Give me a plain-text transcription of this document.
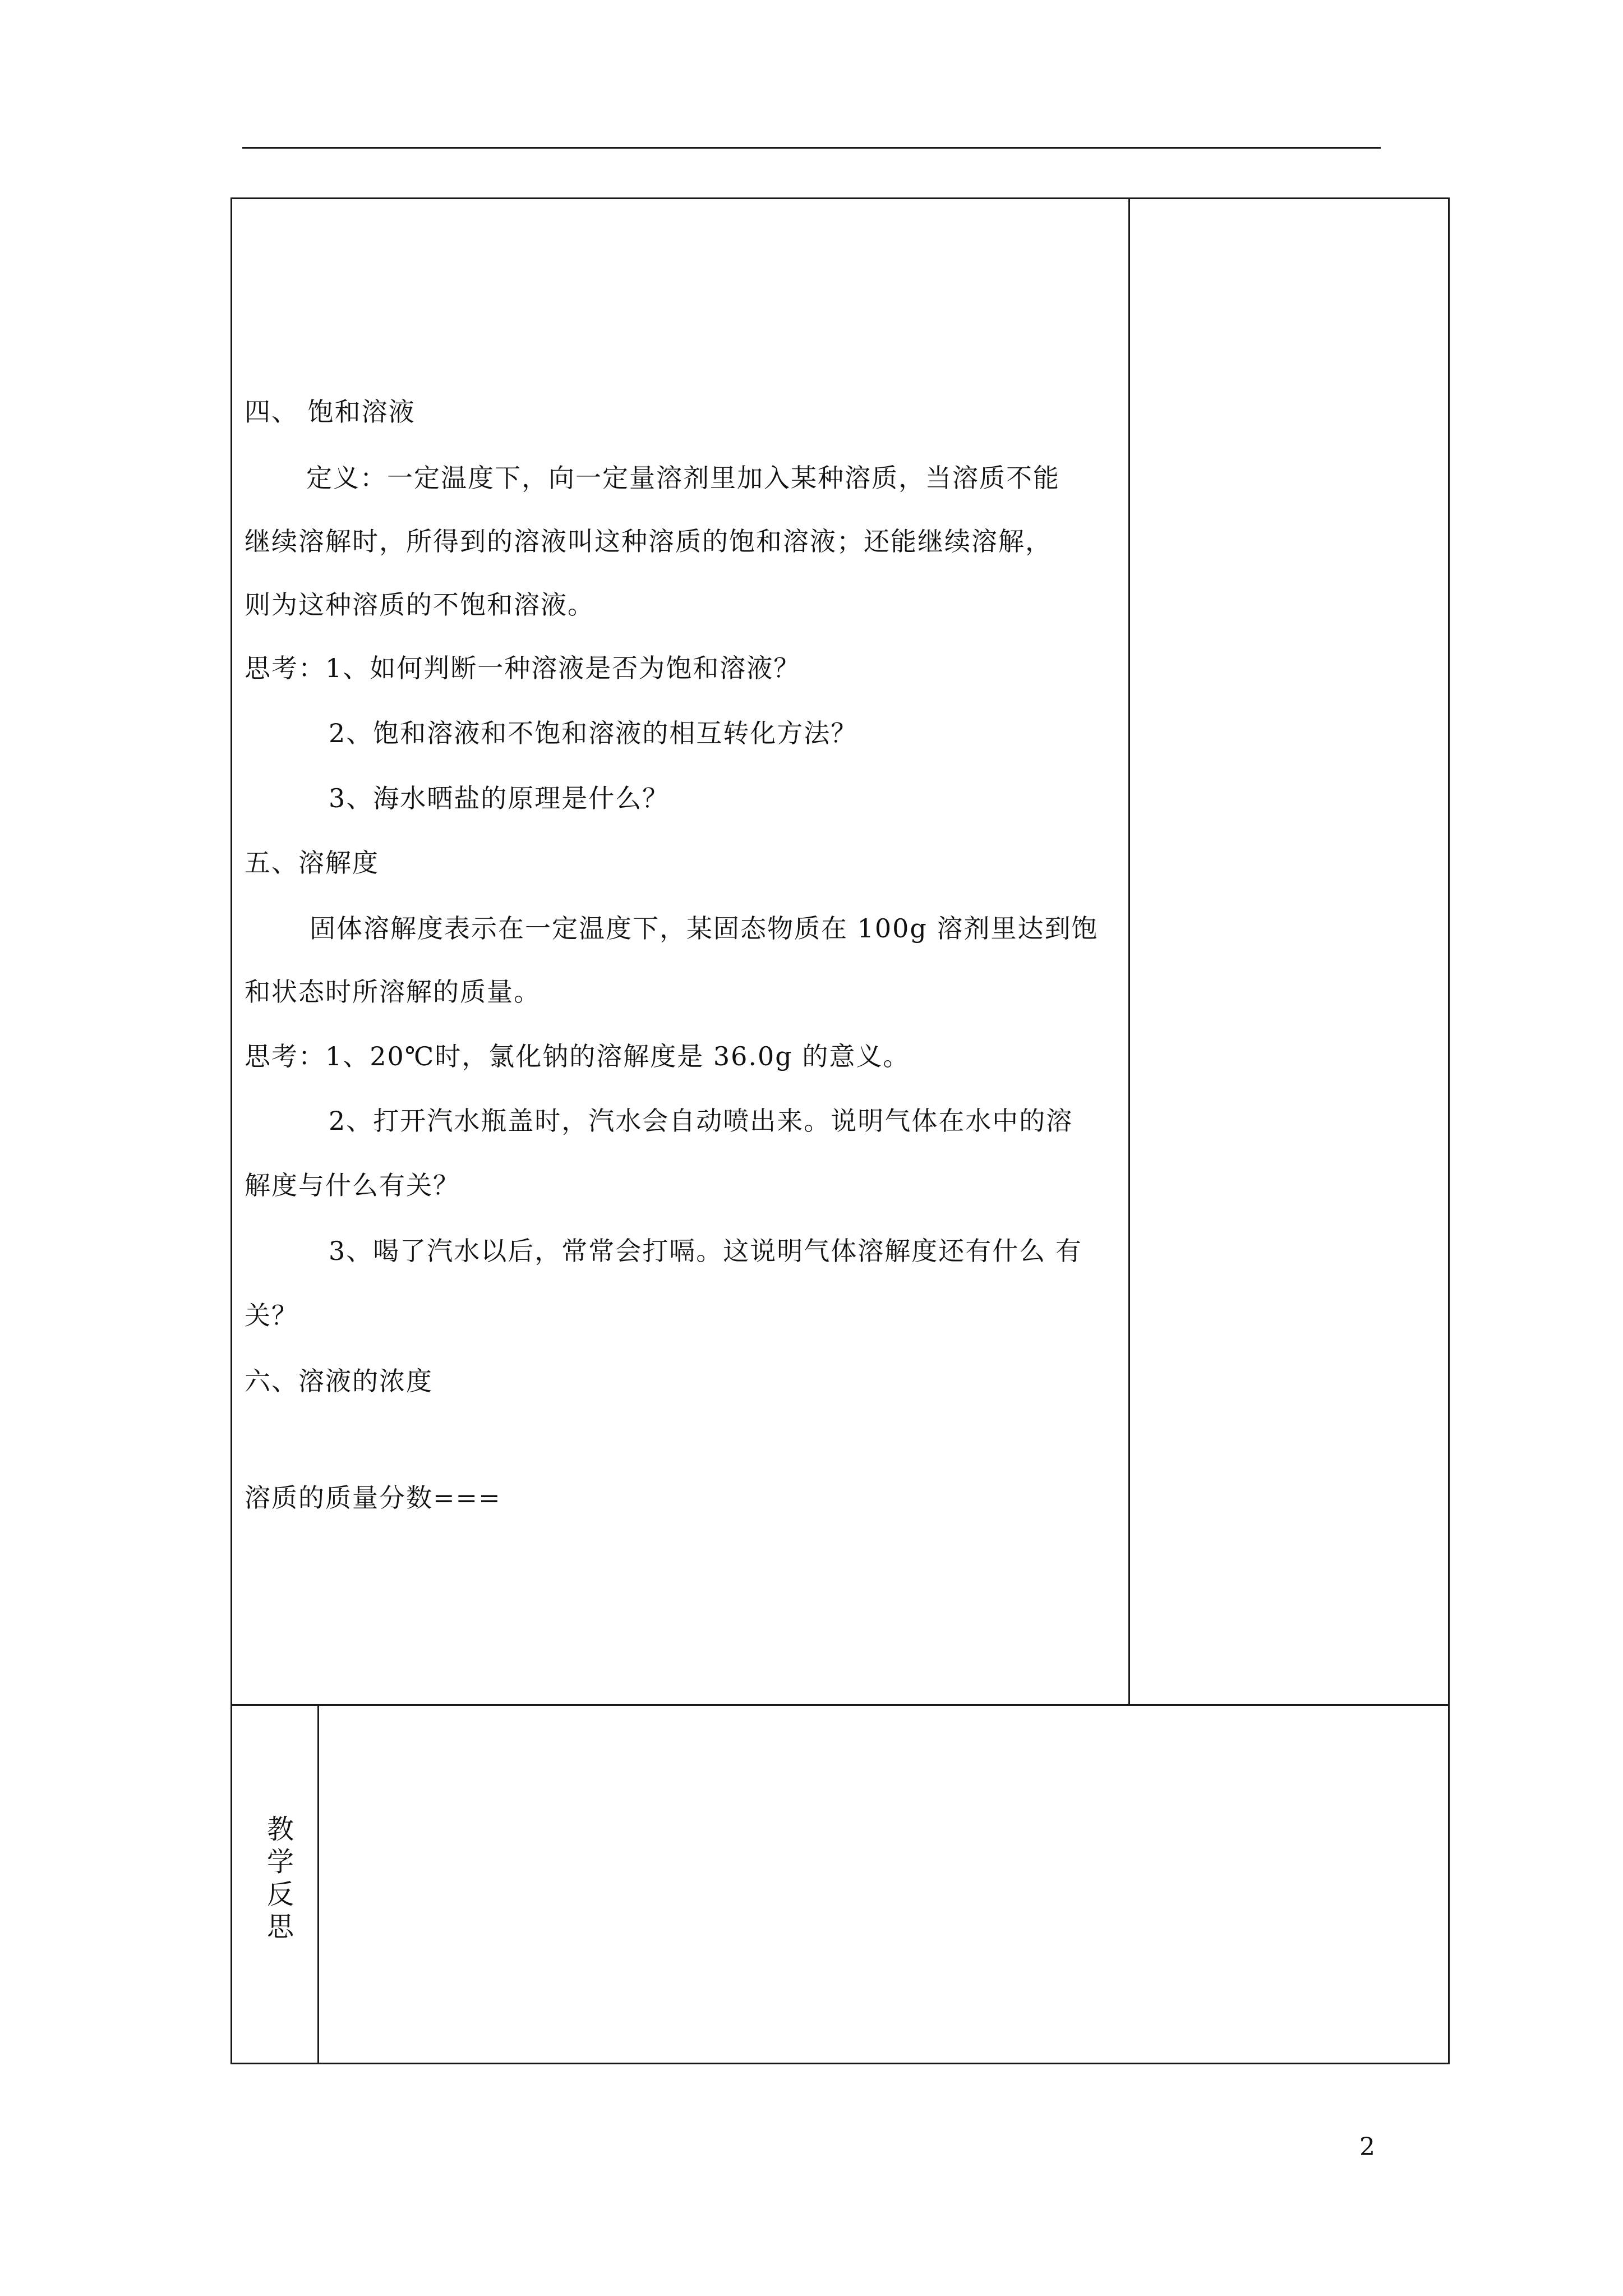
四、 饱和溶液
定义：一定温度下，向一定量溶剂里加入某种溶质，当溶质不能
继续溶解时，所得到的溶液叫这种溶质的饱和溶液；还能继续溶解，
则为这种溶质的不饱和溶液。
思考：1、如何判断一种溶液是否为饱和溶液？
2、饱和溶液和不饱和溶液的相互转化方法？
3、海水晒盐的原理是什么？
五、溶解度
固体溶解度表示在一定温度下，某固态物质在 100g 溶剂里达到饱
和状态时所溶解的质量。
思考：1、20℃时，氯化钠的溶解度是 36.0g 的意义。
2、打开汽水瓶盖时，汽水会自动喷出来。说明气体在水中的溶
解度与什么有关？
3、喝了汽水以后，常常会打嗝。这说明气体溶解度还有什么 有
关？
六、溶液的浓度
溶质的质量分数===
教学反思
2
